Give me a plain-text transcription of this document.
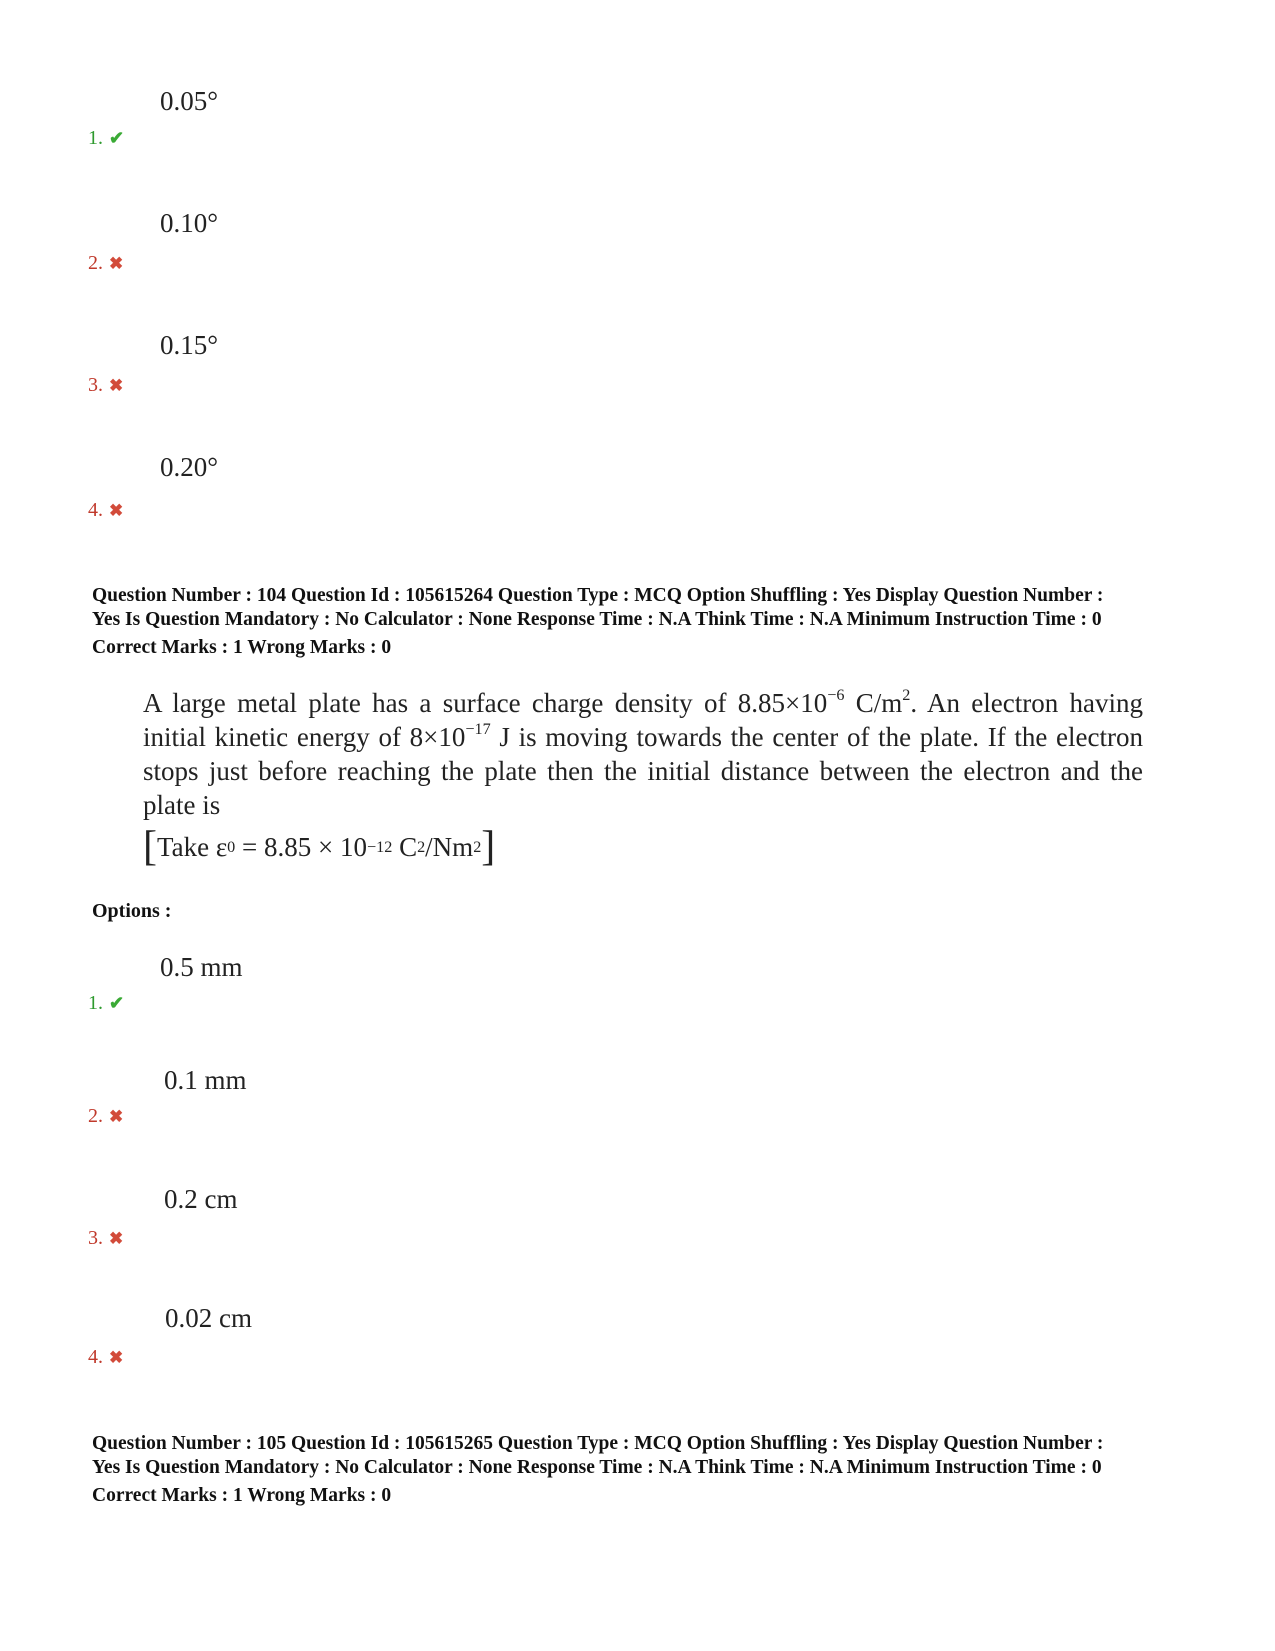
0.05°
1. ✔
0.10°
2. ✖
0.15°
3. ✖
0.20°
4. ✖

Question Number : 104 Question Id : 105615264 Question Type : MCQ Option Shuffling : Yes Display Question Number :

Yes Is Question Mandatory : No Calculator : None Response Time : N.A Think Time : N.A Minimum Instruction Time : 0

Correct Marks : 1 Wrong Marks : 0

A large metal plate has a surface charge density of $8.85\times 10^{-6}$ $C/m^2$. An electron having initial kinetic energy of $8\times 10^{-17}$ J is moving towards the center of the plate. If the electron stops just before reaching the plate then the initial distance between the electron and the plate is

[ Take ε 0 = 8.85 × 10 −12 C 2 /Nm 2 ]
Options :
0.5 mm
1. ✔
0.1 mm
2. ✖
0.2 cm
3. ✖
0.02 cm
4. ✖

Question Number : 105 Question Id : 105615265 Question Type : MCQ Option Shuffling : Yes Display Question Number :

Yes Is Question Mandatory : No Calculator : None Response Time : N.A Think Time : N.A Minimum Instruction Time : 0

Correct Marks : 1 Wrong Marks : 0
